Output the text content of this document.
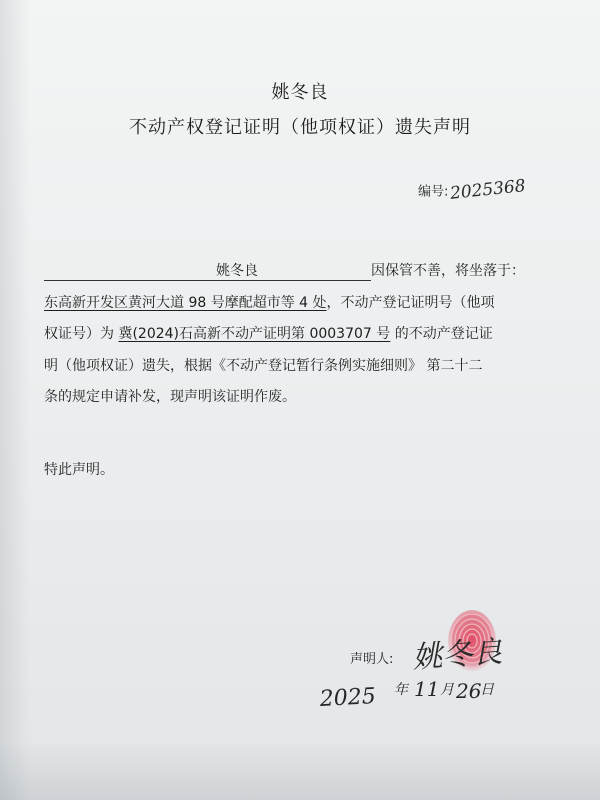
姚冬良
不动产权登记证明（他项权证）遗失声明
编号:2025368
姚冬良	因保管不善，将坐落于：
东高新开发区黄河大道 98 号摩配超市等 4 处，不动产登记证明号（他项
权证号）为 冀(2024)石高新不动产证明第 0003707 号 的不动产登记证
明（他项权证）遗失，根据《不动产登记暂行条例实施细则》 第二十二
条的规定申请补发，现声明该证明作废。
特此声明。
声明人: 姚冬良
2025 年 11 月 26
日
